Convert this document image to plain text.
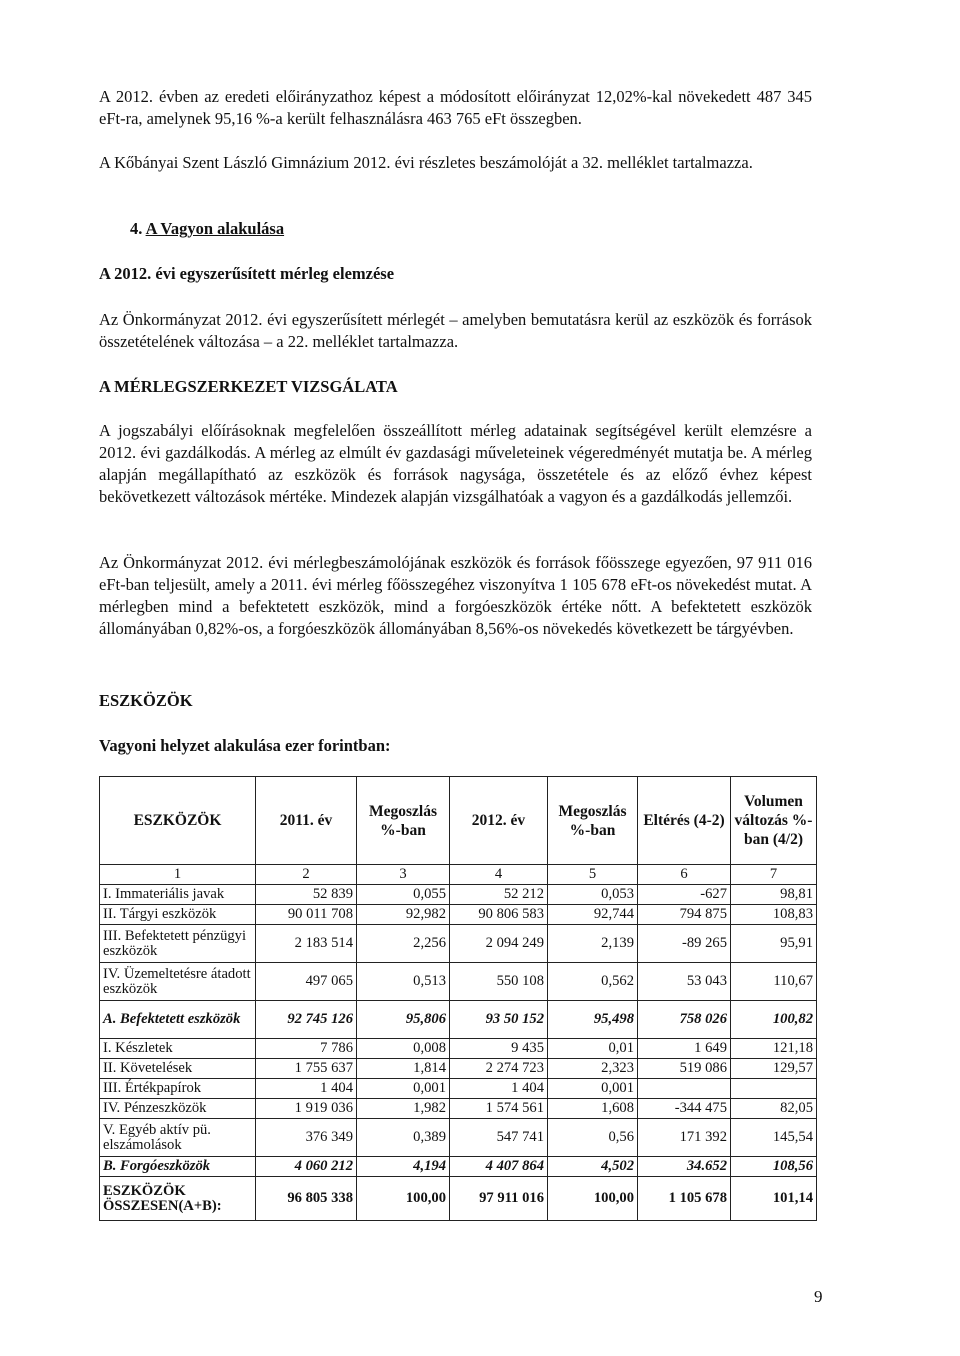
A 2012. évben az eredeti előirányzathoz képest a módosított előirányzat 12,02%-kal növekedett 487 345 eFt-ra, amelynek 95,16 %-a került felhasználásra 463 765 eFt összegben.
A Kőbányai Szent László Gimnázium 2012. évi részletes beszámolóját a 32. melléklet tartalmazza.
4. A Vagyon alakulása
A 2012. évi egyszerűsített mérleg elemzése
Az Önkormányzat 2012. évi egyszerűsített mérlegét – amelyben bemutatásra kerül az eszközök és források összetételének változása – a 22. melléklet tartalmazza.
A MÉRLEGSZERKEZET VIZSGÁLATA
A jogszabályi előírásoknak megfelelően összeállított mérleg adatainak segítségével került elemzésre a 2012. évi gazdálkodás. A mérleg az elmúlt év gazdasági műveleteinek végeredményét mutatja be. A mérleg alapján megállapítható az eszközök és források nagysága, összetétele és az előző évhez képest bekövetkezett változások mértéke. Mindezek alapján vizsgálhatóak a vagyon és a gazdálkodás jellemzői.
Az Önkormányzat 2012. évi mérlegbeszámolójának eszközök és források főösszege egyezően, 97 911 016 eFt-ban teljesült, amely a 2011. évi mérleg főösszegéhez viszonyítva 1 105 678 eFt-os növekedést mutat. A mérlegben mind a befektetett eszközök, mind a forgóeszközök értéke nőtt. A befektetett eszközök állományában 0,82%-os, a forgóeszközök állományában 8,56%-os növekedés következett be tárgyévben.
ESZKÖZÖK
Vagyoni helyzet alakulása ezer forintban:
ESZKÖZÖK	2011. év	Megoszlás %-ban	2012. év	Megoszlás %-ban	Eltérés (4-2)	Volumen változás %-ban (4/2)
1	2	3	4	5	6	7
I. Immateriális javak	52 839	0,055	52 212	0,053	-627	98,81
II. Tárgyi eszközök	90 011 708	92,982	90 806 583	92,744	794 875	108,83
III. Befektetett pénzügyi eszközök	2 183 514	2,256	2 094 249	2,139	-89 265	95,91
IV. Üzemeltetésre átadott eszközök	497 065	0,513	550 108	0,562	53 043	110,67
A. Befektetett eszközök	92 745 126	95,806	93 50 152	95,498	758 026	100,82
I. Készletek	7 786	0,008	9 435	0,01	1 649	121,18
II. Követelések	1 755 637	1,814	2 274 723	2,323	519 086	129,57
III. Értékpapírok	1 404	0,001	1 404	0,001		
IV. Pénzeszközök	1 919 036	1,982	1 574 561	1,608	-344 475	82,05
V. Egyéb aktív pü. elszámolások	376 349	0,389	547 741	0,56	171 392	145,54
B. Forgóeszközök	4 060 212	4,194	4 407 864	4,502	34.652	108,56
ESZKÖZÖK ÖSSZESEN(A+B):	96 805 338	100,00	97 911 016	100,00	1 105 678	101,14
9
